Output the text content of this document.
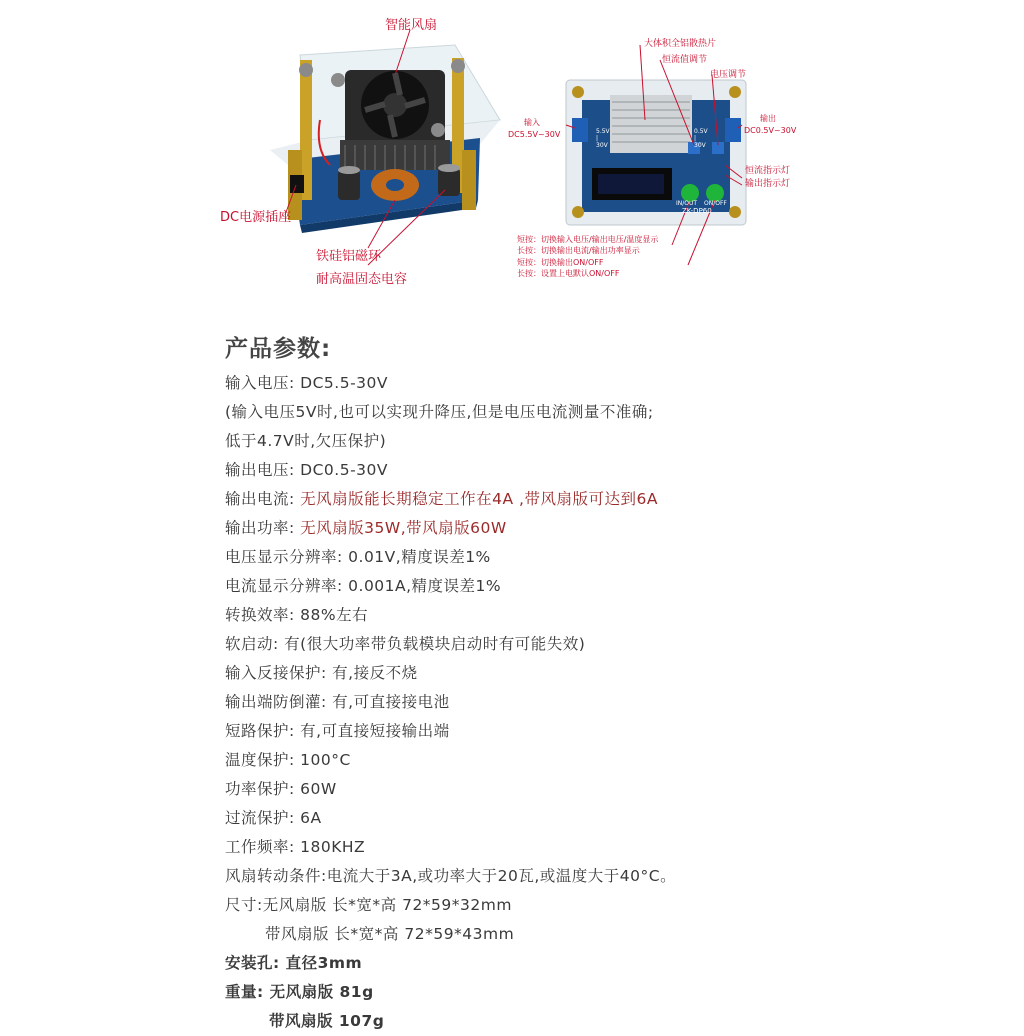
智能风扇
DC电源插座
铁硅铝磁环
耐高温固态电容
大体积全铝散热片
恒流值调节
电压调节
输入
DC5.5V~30V
输出
DC0.5V~30V
恒流指示灯
输出指示灯
短按：切换输入电压/输出电压/温度显示
长按：切换输出电流/输出功率显示
短按：切换输出ON/OFF
长按：设置上电默认ON/OFF
ZK-DP60
IN/OUT ON/OFF
5.5V
|
30V
0.5V
|
30V
产品参数:
输入电压: DC5.5-30V
(输入电压5V时,也可以实现升降压,但是电压电流测量不准确;
低于4.7V时,欠压保护)
输出电压: DC0.5-30V
输出电流: 无风扇版能长期稳定工作在4A ,带风扇版可达到6A
输出功率: 无风扇版35W,带风扇版60W
电压显示分辨率: 0.01V,精度误差1%
电流显示分辨率: 0.001A,精度误差1%
转换效率: 88%左右
软启动: 有(很大功率带负载模块启动时有可能失效)
输入反接保护: 有,接反不烧
输出端防倒灌: 有,可直接接电池
短路保护: 有,可直接短接输出端
温度保护: 100°C
功率保护: 60W
过流保护: 6A
工作频率: 180KHZ
风扇转动条件:电流大于3A,或功率大于20瓦,或温度大于40°C。
尺寸:无风扇版 长*宽*高 72*59*32mm
带风扇版 长*宽*高 72*59*43mm
安装孔: 直径3mm
重量: 无风扇版 81g
带风扇版 107g
